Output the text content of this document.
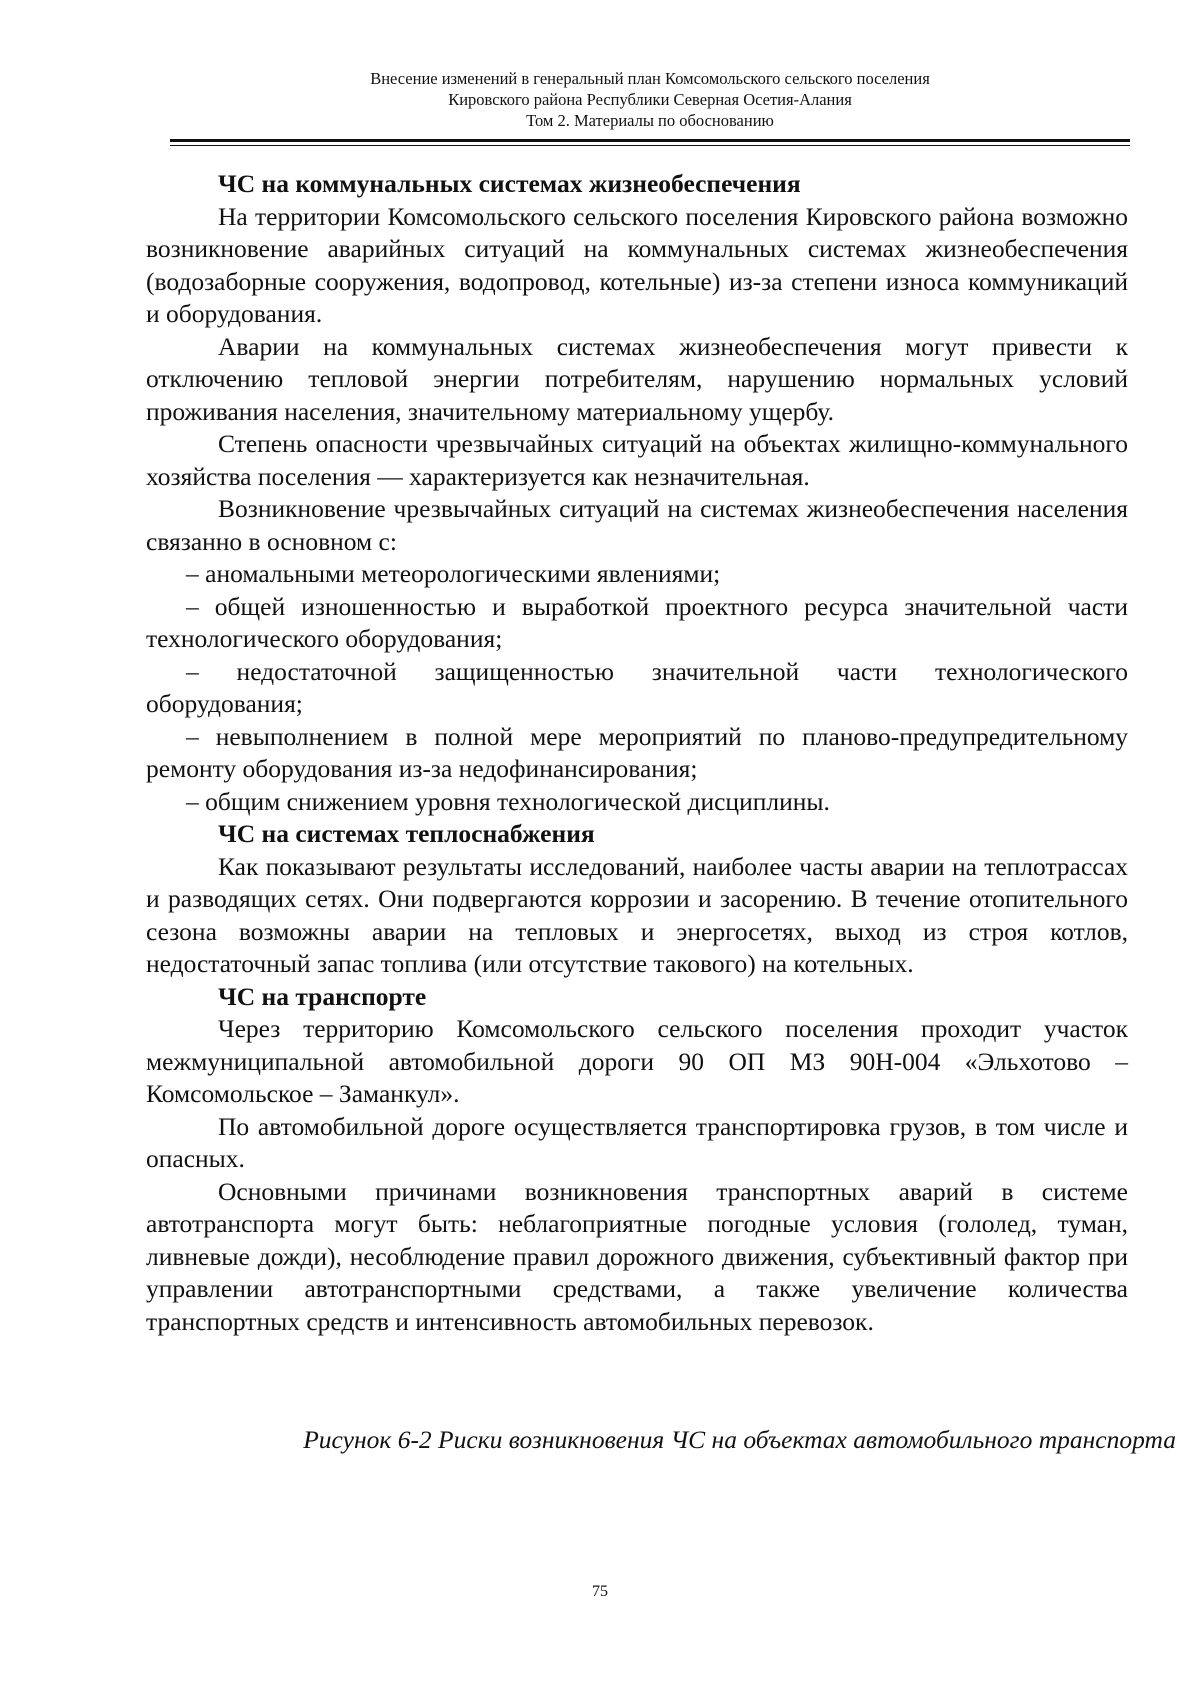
Внесение изменений в генеральный план Комсомольского сельского поселения
Кировского района Республики Северная Осетия-Алания
Том 2. Материалы по обоснованию

ЧС на коммунальных системах жизнеобеспечения

На территории Комсомольского сельского поселения Кировского района возможно возникновение аварийных ситуаций на коммунальных системах жизнеобеспечения (водозаборные сооружения, водопровод, котельные) из-за степени износа коммуникаций и оборудования.

Аварии на коммунальных системах жизнеобеспечения могут привести к отключению тепловой энергии потребителям, нарушению нормальных условий проживания населения, значительному материальному ущербу.

Степень опасности чрезвычайных ситуаций на объектах жилищно-коммунального хозяйства поселения — характеризуется как незначительная.

Возникновение чрезвычайных ситуаций на системах жизнеобеспечения населения связанно в основном с:

– аномальными метеорологическими явлениями;

– общей изношенностью и выработкой проектного ресурса значительной части технологического оборудования;

– недостаточной защищенностью значительной части технологического оборудования;

– невыполнением в полной мере мероприятий по планово-предупредительному ремонту оборудования из-за недофинансирования;

– общим снижением уровня технологической дисциплины.

ЧС на системах теплоснабжения

Как показывают результаты исследований, наиболее часты аварии на теплотрассах и разводящих сетях. Они подвергаются коррозии и засорению. В течение отопительного сезона возможны аварии на тепловых и энергосетях, выход из строя котлов, недостаточный запас топлива (или отсутствие такового) на котельных.

ЧС на транспорте

Через территорию Комсомольского сельского поселения проходит участок межмуниципальной автомобильной дороги 90 ОП МЗ 90Н-004 «Эльхотово – Комсомольское – Заманкул».

По автомобильной дороге осуществляется транспортировка грузов, в том числе и опасных.

Основными причинами возникновения транспортных аварий в системе автотранспорта могут быть: неблагоприятные погодные условия (гололед, туман, ливневые дожди), несоблюдение правил дорожного движения, субъективный фактор при управлении автотранспортными средствами, а также увеличение количества транспортных средств и интенсивность автомобильных перевозок.

Рисунок 6-2 Риски возникновения ЧС на объектах автомобильного транспорта
75
